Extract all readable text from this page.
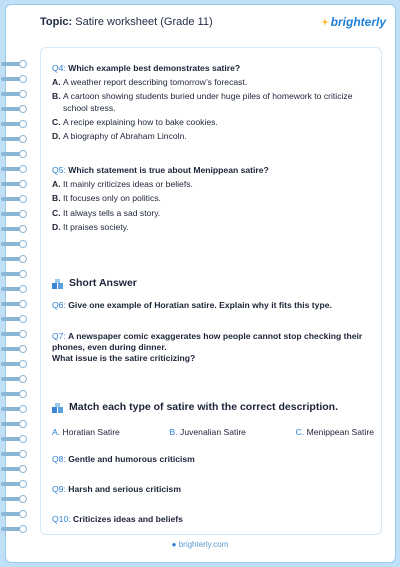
Topic: Satire worksheet (Grade 11)	brighterly
Q4: Which example best demonstrates satire?
A. A weather report describing tomorrow’s forecast.
B. A cartoon showing students buried under huge piles of homework to criticize school stress.
C. A recipe explaining how to bake cookies.
D. A biography of Abraham Lincoln.
Q5: Which statement is true about Menippean satire?
A. It mainly criticizes ideas or beliefs.
B. It focuses only on politics.
C. It always tells a sad story.
D. It praises society.
Short Answer
Q6: Give one example of Horatian satire. Explain why it fits this type.
Q7: A newspaper comic exaggerates how people cannot stop checking their phones, even during dinner.
What issue is the satire criticizing?
Match each type of satire with the correct description.
A. Horatian Satire	B. Juvenalian Satire	C. Menippean Satire
Q8: Gentle and humorous criticism
Q9: Harsh and serious criticism
Q10: Criticizes ideas and beliefs
● brighterly.com
